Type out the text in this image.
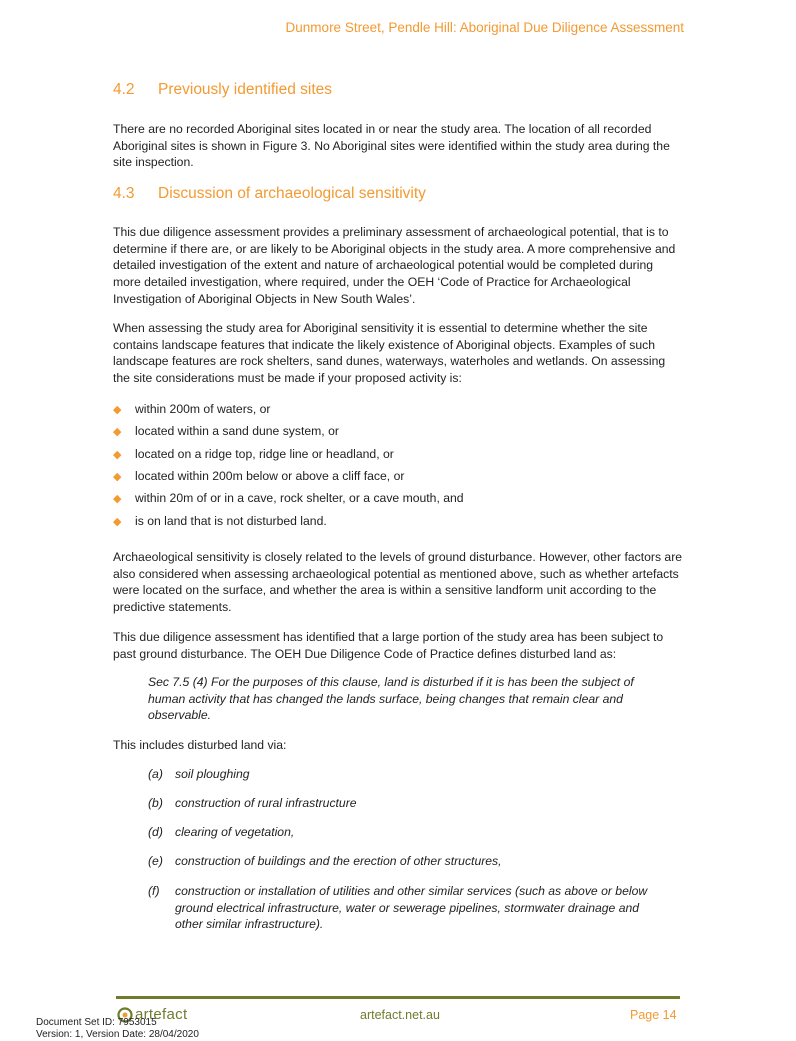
Dunmore Street, Pendle Hill: Aboriginal Due Diligence Assessment
4.2 Previously identified sites
There are no recorded Aboriginal sites located in or near the study area. The location of all recorded Aboriginal sites is shown in Figure 3. No Aboriginal sites were identified within the study area during the site inspection.
4.3 Discussion of archaeological sensitivity
This due diligence assessment provides a preliminary assessment of archaeological potential, that is to determine if there are, or are likely to be Aboriginal objects in the study area. A more comprehensive and detailed investigation of the extent and nature of archaeological potential would be completed during more detailed investigation, where required, under the OEH ‘Code of Practice for Archaeological Investigation of Aboriginal Objects in New South Wales’.
When assessing the study area for Aboriginal sensitivity it is essential to determine whether the site contains landscape features that indicate the likely existence of Aboriginal objects. Examples of such landscape features are rock shelters, sand dunes, waterways, waterholes and wetlands. On assessing the site considerations must be made if your proposed activity is:
◆ within 200m of waters, or
◆ located within a sand dune system, or
◆ located on a ridge top, ridge line or headland, or
◆ located within 200m below or above a cliff face, or
◆ within 20m of or in a cave, rock shelter, or a cave mouth, and
◆ is on land that is not disturbed land.
Archaeological sensitivity is closely related to the levels of ground disturbance. However, other factors are also considered when assessing archaeological potential as mentioned above, such as whether artefacts were located on the surface, and whether the area is within a sensitive landform unit according to the predictive statements.
This due diligence assessment has identified that a large portion of the study area has been subject to past ground disturbance. The OEH Due Diligence Code of Practice defines disturbed land as:
Sec 7.5 (4) For the purposes of this clause, land is disturbed if it is has been the subject of human activity that has changed the lands surface, being changes that remain clear and observable.
This includes disturbed land via:
(a) soil ploughing
(b) construction of rural infrastructure
(d) clearing of vegetation,
(e) construction of buildings and the erection of other structures,
(f) construction or installation of utilities and other similar services (such as above or below ground electrical infrastructure, water or sewerage pipelines, stormwater drainage and other similar infrastructure).
artefact	artefact.net.au	Page 14
Document Set ID: 7953015
Version: 1, Version Date: 28/04/2020
